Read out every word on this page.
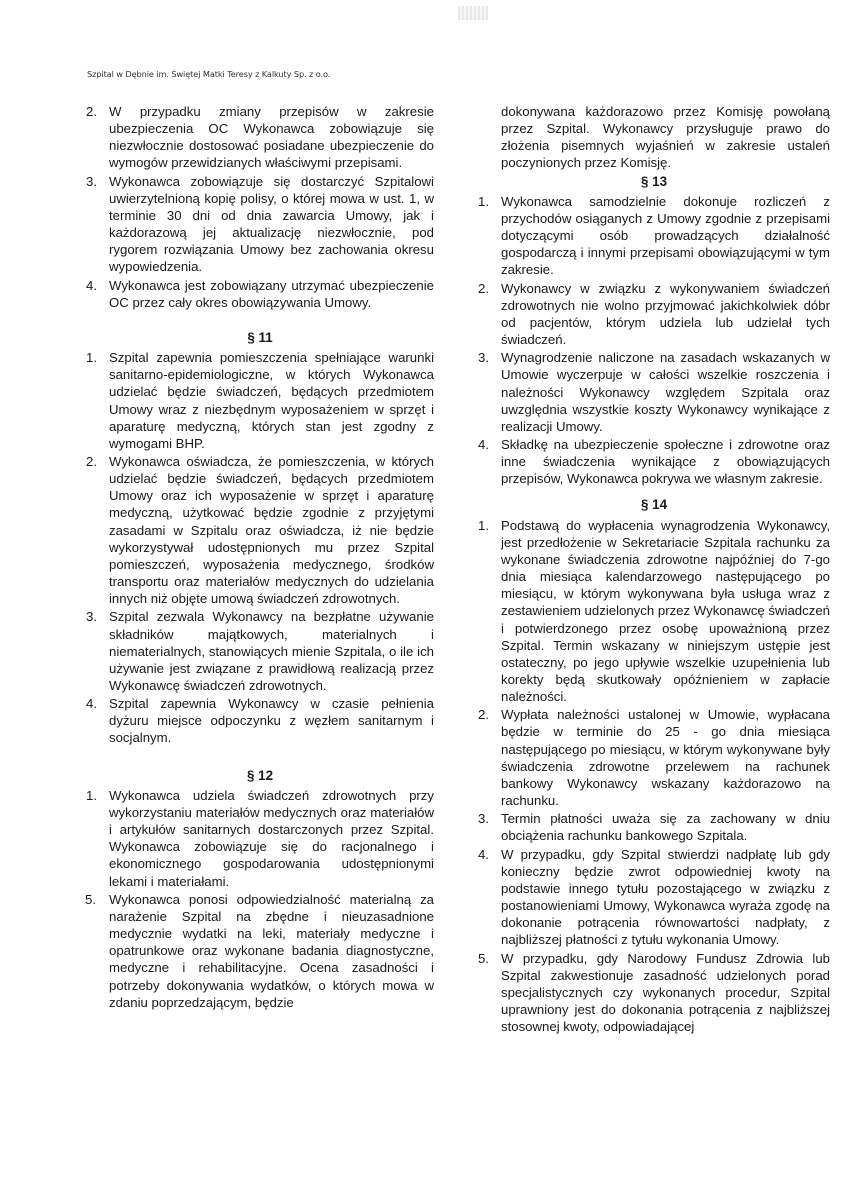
Szpital w Dębnie im. Świętej Matki Teresy z Kalkuty Sp. z o.o.
2. W przypadku zmiany przepisów w zakresie ubezpieczenia OC Wykonawca zobowiązuje się niezwłocznie dostosować posiadane ubezpieczenie do wymogów przewidzianych właściwymi przepisami.
3. Wykonawca zobowiązuje się dostarczyć Szpitalowi uwierzytelnioną kopię polisy, o której mowa w ust. 1, w terminie 30 dni od dnia zawarcia Umowy, jak i każdorazową jej aktualizację niezwłocznie, pod rygorem rozwiązania Umowy bez zachowania okresu wypowiedzenia.
4. Wykonawca jest zobowiązany utrzymać ubezpieczenie OC przez cały okres obowiązywania Umowy.
§ 11
1. Szpital zapewnia pomieszczenia spełniające warunki sanitarno-epidemiologiczne, w których Wykonawca udzielać będzie świadczeń, będących przedmiotem Umowy wraz z niezbędnym wyposażeniem w sprzęt i aparaturę medyczną, których stan jest zgodny z wymogami BHP.
2. Wykonawca oświadcza, że pomieszczenia, w których udzielać będzie świadczeń, będących przedmiotem Umowy oraz ich wyposażenie w sprzęt i aparaturę medyczną, użytkować będzie zgodnie z przyjętymi zasadami w Szpitalu oraz oświadcza, iż nie będzie wykorzystywał udostępnionych mu przez Szpital pomieszczeń, wyposażenia medycznego, środków transportu oraz materiałów medycznych do udzielania innych niż objęte umową świadczeń zdrowotnych.
3. Szpital zezwala Wykonawcy na bezpłatne używanie składników majątkowych, materialnych i niematerialnych, stanowiących mienie Szpitala, o ile ich używanie jest związane z prawidłową realizacją przez Wykonawcę świadczeń zdrowotnych.
4. Szpital zapewnia Wykonawcy w czasie pełnienia dyżuru miejsce odpoczynku z węzłem sanitarnym i socjalnym.
§ 12
1. Wykonawca udziela świadczeń zdrowotnych przy wykorzystaniu materiałów medycznych oraz materiałów i artykułów sanitarnych dostarczonych przez Szpital. Wykonawca zobowiązuje się do racjonalnego i ekonomicznego gospodarowania udostępnionymi lekami i materiałami.
5. Wykonawca ponosi odpowiedzialność materialną za narażenie Szpital na zbędne i nieuzasadnione medycznie wydatki na leki, materiały medyczne i opatrunkowe oraz wykonane badania diagnostyczne, medyczne i rehabilitacyjne. Ocena zasadności i potrzeby dokonywania wydatków, o których mowa w zdaniu poprzedzającym, będzie
dokonywana każdorazowo przez Komisję powołaną przez Szpital. Wykonawcy przysługuje prawo do złożenia pisemnych wyjaśnień w zakresie ustaleń poczynionych przez Komisję.
§ 13
1. Wykonawca samodzielnie dokonuje rozliczeń z przychodów osiąganych z Umowy zgodnie z przepisami dotyczącymi osób prowadzących działalność gospodarczą i innymi przepisami obowiązującymi w tym zakresie.
2. Wykonawcy w związku z wykonywaniem świadczeń zdrowotnych nie wolno przyjmować jakichkolwiek dóbr od pacjentów, którym udziela lub udzielał tych świadczeń.
3. Wynagrodzenie naliczone na zasadach wskazanych w Umowie wyczerpuje w całości wszelkie roszczenia i należności Wykonawcy względem Szpitala oraz uwzględnia wszystkie koszty Wykonawcy wynikające z realizacji Umowy.
4. Składkę na ubezpieczenie społeczne i zdrowotne oraz inne świadczenia wynikające z obowiązujących przepisów, Wykonawca pokrywa we własnym zakresie.
§ 14
1. Podstawą do wypłacenia wynagrodzenia Wykonawcy, jest przedłożenie w Sekretariacie Szpitala rachunku za wykonane świadczenia zdrowotne najpóźniej do 7-go dnia miesiąca kalendarzowego następującego po miesiącu, w którym wykonywana była usługa wraz z zestawieniem udzielonych przez Wykonawcę świadczeń i potwierdzonego przez osobę upoważnioną przez Szpital. Termin wskazany w niniejszym ustępie jest ostateczny, po jego upływie wszelkie uzupełnienia lub korekty będą skutkowały opóźnieniem w zapłacie należności.
2. Wypłata należności ustalonej w Umowie, wypłacana będzie w terminie do 25 - go dnia miesiąca następującego po miesiącu, w którym wykonywane były świadczenia zdrowotne przelewem na rachunek bankowy Wykonawcy wskazany każdorazowo na rachunku.
3. Termin płatności uważa się za zachowany w dniu obciążenia rachunku bankowego Szpitala.
4. W przypadku, gdy Szpital stwierdzi nadpłatę lub gdy konieczny będzie zwrot odpowiedniej kwoty na podstawie innego tytułu pozostającego w związku z postanowieniami Umowy, Wykonawca wyraża zgodę na dokonanie potrącenia równowartości nadpłaty, z najbliższej płatności z tytułu wykonania Umowy.
5. W przypadku, gdy Narodowy Fundusz Zdrowia lub Szpital zakwestionuje zasadność udzielonych porad specjalistycznych czy wykonanych procedur, Szpital uprawniony jest do dokonania potrącenia z najbliższej stosownej kwoty, odpowiadającej
